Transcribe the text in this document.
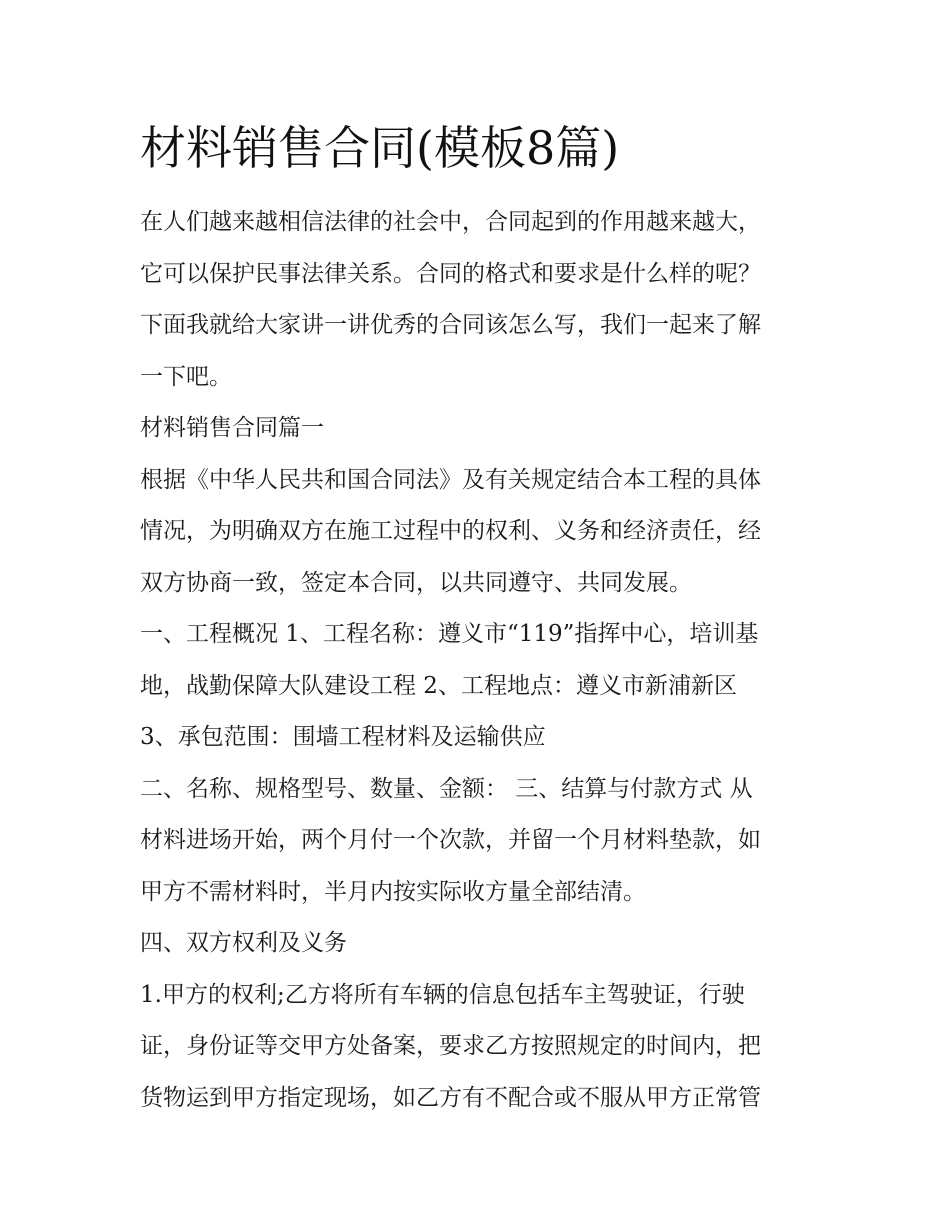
材料销售合同(模板8篇)
在人们越来越相信法律的社会中，合同起到的作用越来越大，
它可以保护民事法律关系。合同的格式和要求是什么样的呢？
下面我就给大家讲一讲优秀的合同该怎么写，我们一起来了解
一下吧。
材料销售合同篇一
根据《中华人民共和国合同法》及有关规定结合本工程的具体
情况，为明确双方在施工过程中的权利、义务和经济责任，经
双方协商一致，签定本合同，以共同遵守、共同发展。
一、工程概况 1、工程名称：遵义市“119”指挥中心，培训基
地，战勤保障大队建设工程 2、工程地点：遵义市新浦新区
3、承包范围：围墙工程材料及运输供应
二、名称、规格型号、数量、金额： 三、结算与付款方式 从
材料进场开始，两个月付一个次款，并留一个月材料垫款，如
甲方不需材料时，半月内按实际收方量全部结清。
四、双方权利及义务
1.甲方的权利;乙方将所有车辆的信息包括车主驾驶证，行驶
证，身份证等交甲方处备案，要求乙方按照规定的时间内，把
货物运到甲方指定现场，如乙方有不配合或不服从甲方正常管
